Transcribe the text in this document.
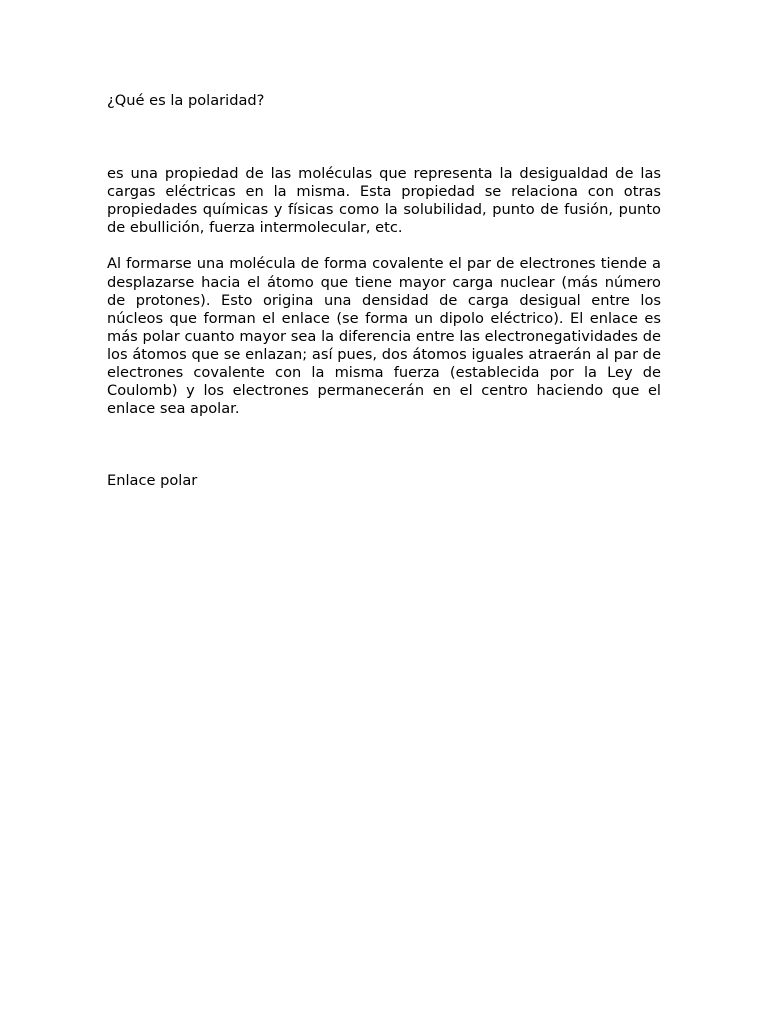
¿Qué es la polaridad?

es una propiedad de las moléculas que representa la desigualdad de las cargas eléctricas en la misma. Esta propiedad se relaciona con otras propiedades químicas y físicas como la solubilidad, punto de fusión, punto de ebullición, fuerza intermolecular, etc.

Al formarse una molécula de forma covalente el par de electrones tiende a desplazarse hacia el átomo que tiene mayor carga nuclear (más número de protones). Esto origina una densidad de carga desigual entre los núcleos que forman el enlace (se forma un dipolo eléctrico). El enlace es más polar cuanto mayor sea la diferencia entre las electronegatividades de los átomos que se enlazan; así pues, dos átomos iguales atraerán al par de electrones covalente con la misma fuerza (establecida por la Ley de Coulomb) y los electrones permanecerán en el centro haciendo que el enlace sea apolar.

Enlace polar
